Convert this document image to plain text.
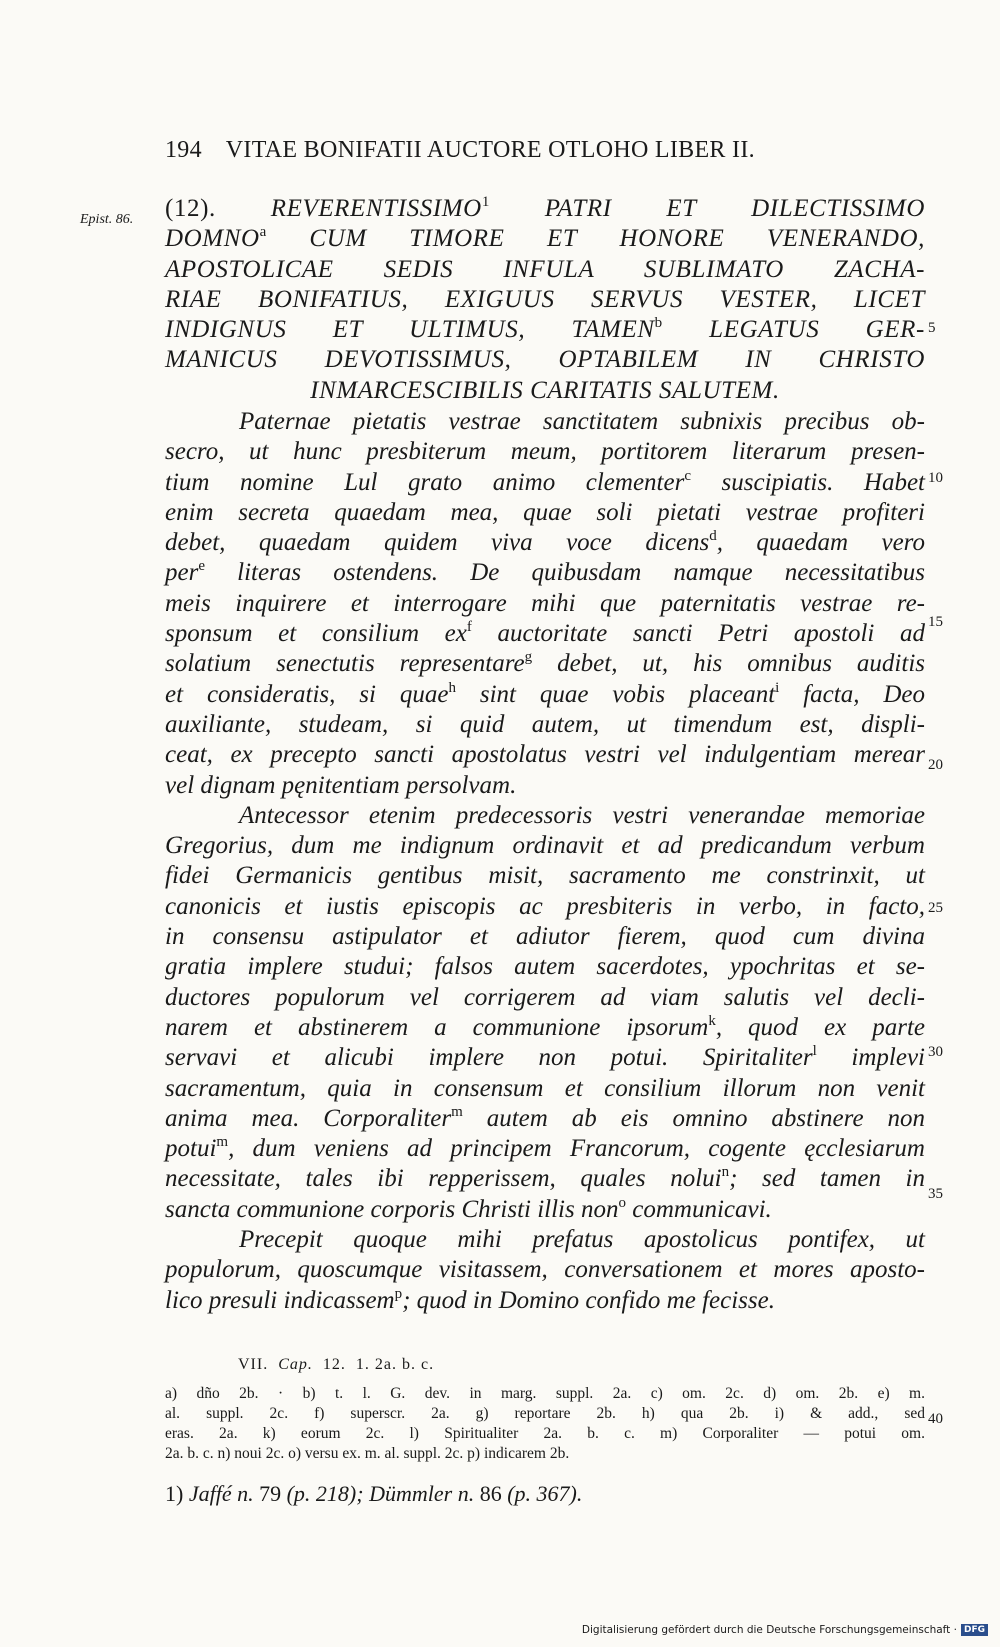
194 VITAE BONIFATII AUCTORE OTLOHO LIBER II.
Epist. 86. (12). REVERENTISSIMO$^1$ PATRI ET DILECTISSIMO
DOMNO$^a$ CUM TIMORE ET HONORE VENERANDO,
APOSTOLICAE SEDIS INFULA SUBLIMATO ZACHA-
RIAE BONIFATIUS, EXIGUUS SERVUS VESTER, LICET
INDIGNUS ET ULTIMUS, TAMEN$^b$ LEGATUS GER-
MANICUS DEVOTISSIMUS, OPTABILEM IN CHRISTO
INMARCESCIBILIS CARITATIS SALUTEM.
Paternae pietatis vestrae sanctitatem subnixis precibus ob-
secro, ut hunc presbiterum meum, portitorem literarum presen-
tium nomine Lul grato animo clementer$^c$ suscipiatis. Habet
enim secreta quaedam mea, quae soli pietati vestrae profiteri
debet, quaedam quidem viva voce dicens$^d$, quaedam vero
per$^e$ literas ostendens. De quibusdam namque necessitatibus
meis inquirere et interrogare mihi que paternitatis vestrae re-
sponsum et consilium $ex^f$ auctoritate sancti Petri apostoli ad
solatium senectutis representare$^g$ debet, ut, his omnibus auditis
et consideratis, si quae$^h$ sint quae vobis placeant$^i$ facta, Deo
auxiliante, studeam, si quid autem, ut timendum est, displi-
ceat, ex precepto sancti apostolatus vestri vel indulgentiam merear
vel dignam pęnitentiam persolvam.
Antecessor etenim predecessoris vestri venerandae memoriae
Gregorius, dum me indignum ordinavit et ad predicandum verbum
fidei Germanicis gentibus misit, sacramento me constrinxit, ut
canonicis et iustis episcopis ac presbiteris in verbo, in facto,
in consensu astipulator et adiutor fierem, quod cum divina
gratia implere studui; falsos autem sacerdotes, ypochritas et se-
ductores populorum vel corrigerem ad viam salutis vel decli-
narem et abstinerem a communione ipsorum$^k$, quod ex parte
servavi et alicubi implere non potui. Spiritaliter$^l$ implevi
sacramentum, quia in consensum et consilium illorum non venit
anima mea. Corporaliter$^m$ autem ab eis omnino abstinere non
potui$^m$, dum veniens ad principem Francorum, cogente ęcclesiarum
necessitate, tales ibi repperissem, quales nolui$^n$; sed tamen in
sancta communione corporis Christi illis non$^o$ communicavi.
Precepit quoque mihi prefatus apostolicus pontifex, ut
populorum, quoscumque visitassem, conversationem et mores aposto-
lico presuli indicassem$^p$; quod in Domino confido me fecisse.
5
10
15
20
25
30
35
40
VII. Cap. 12. 1. 2a. b. c.
a) dño 2b. · b) t. l. G. dev. in marg. suppl. 2a. c) om. 2c. d) om. 2b. e) m.
al. suppl. 2c. f) superscr. 2a. g) reportare 2b. h) qua 2b. i) & add., sed
eras. 2a. k) eorum 2c. l) Spiritualiter 2a. b. c. m) Corporaliter — potui om.
2a. b. c. n) noui 2c. o) versu ex. m. al. suppl. 2c. p) indicarem 2b.
1) Jaffé n. 79 (p. 218); Dümmler n. 86 (p. 367).
Digitalisierung gefördert durch die Deutsche Forschungsgemeinschaft · DFG
